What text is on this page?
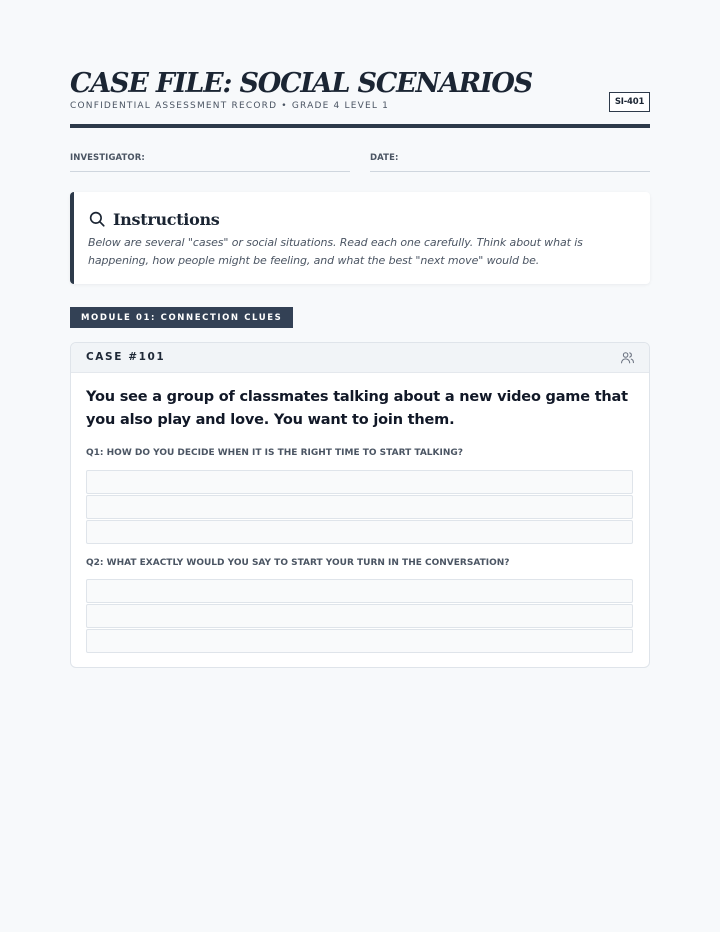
CASE FILE: SOCIAL SCENARIOS
CONFIDENTIAL ASSESSMENT RECORD • GRADE 4 LEVEL 1	SI-401
INVESTIGATOR:	DATE:
Instructions
Below are several "cases" or social situations. Read each one carefully. Think about what is happening, how people might be feeling, and what the best "next move" would be.
MODULE 01: CONNECTION CLUES
CASE #101
You see a group of classmates talking about a new video game that you also play and love. You want to join them.
Q1: HOW DO YOU DECIDE WHEN IT IS THE RIGHT TIME TO START TALKING?
Q2: WHAT EXACTLY WOULD YOU SAY TO START YOUR TURN IN THE CONVERSATION?
